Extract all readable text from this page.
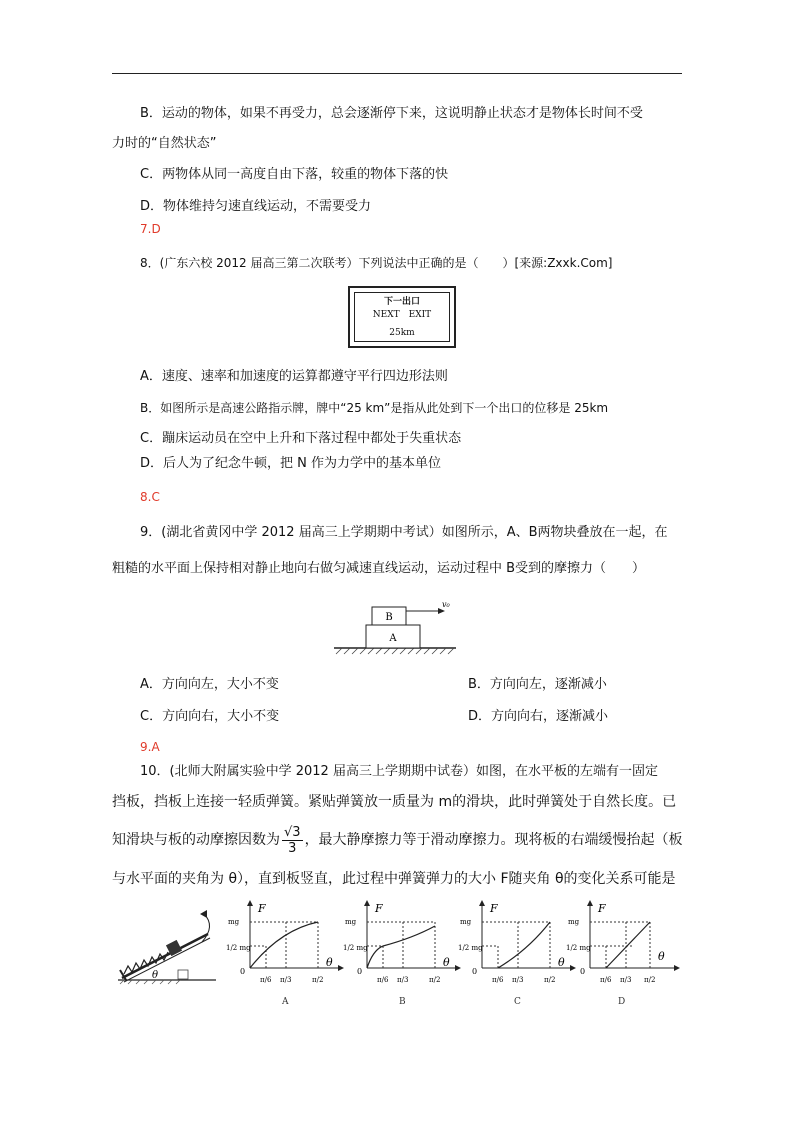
B．运动的物体，如果不再受力，总会逐渐停下来，这说明静止状态才是物体长时间不受
力时的“自然状态”
C．两物体从同一高度自由下落，较重的物体下落的快
D．物体维持匀速直线运动，不需要受力
7.D
8．(广东六校 2012 届高三第二次联考）下列说法中正确的是（　　）[来源:Zxxk.Com]
下一出口
NEXT　EXIT
25km
A．速度、速率和加速度的运算都遵守平行四边形法则
B．如图所示是高速公路指示牌，牌中“25 km”是指从此处到下一个出口的位移是 25km
C．蹦床运动员在空中上升和下落过程中都处于失重状态
D．后人为了纪念牛顿，把 N 作为力学中的基本单位
8.C
9．(湖北省黄冈中学 2012 届高三上学期期中考试）如图所示，A、B两物块叠放在一起，在
粗糙的水平面上保持相对静止地向右做匀减速直线运动，运动过程中 B受到的摩擦力（　　）
A
B
v₀
A．方向向左，大小不变	B．方向向左，逐渐减小
C．方向向右，大小不变	D．方向向右，逐渐减小
9.A
10．(北师大附属实验中学 2012 届高三上学期期中试卷）如图，在水平板的左端有一固定
挡板，挡板上连接一轻质弹簧。紧贴弹簧放一质量为 m的滑块，此时弹簧处于自然长度。已
知滑块与板的动摩擦因数为 $\frac{√3}{3}$ ，最大静摩擦力等于滑动摩擦力。现将板的右端缓慢抬起（板
与水平面的夹角为 θ），直到板竖直，此过程中弹簧弹力的大小 F随夹角 θ的变化关系可能是
θ
F
mg
1/2 mg
0
θ
π/6 π/3	π/2
A
F
mg
1/2 mg
0
θ
π/6 π/3	π/2
B
F
mg
1/2 mg
0
θ
π/6 π/3	π/2
C
F
mg
1/2 mg
0
θ
π/6 π/3 π/2
D
